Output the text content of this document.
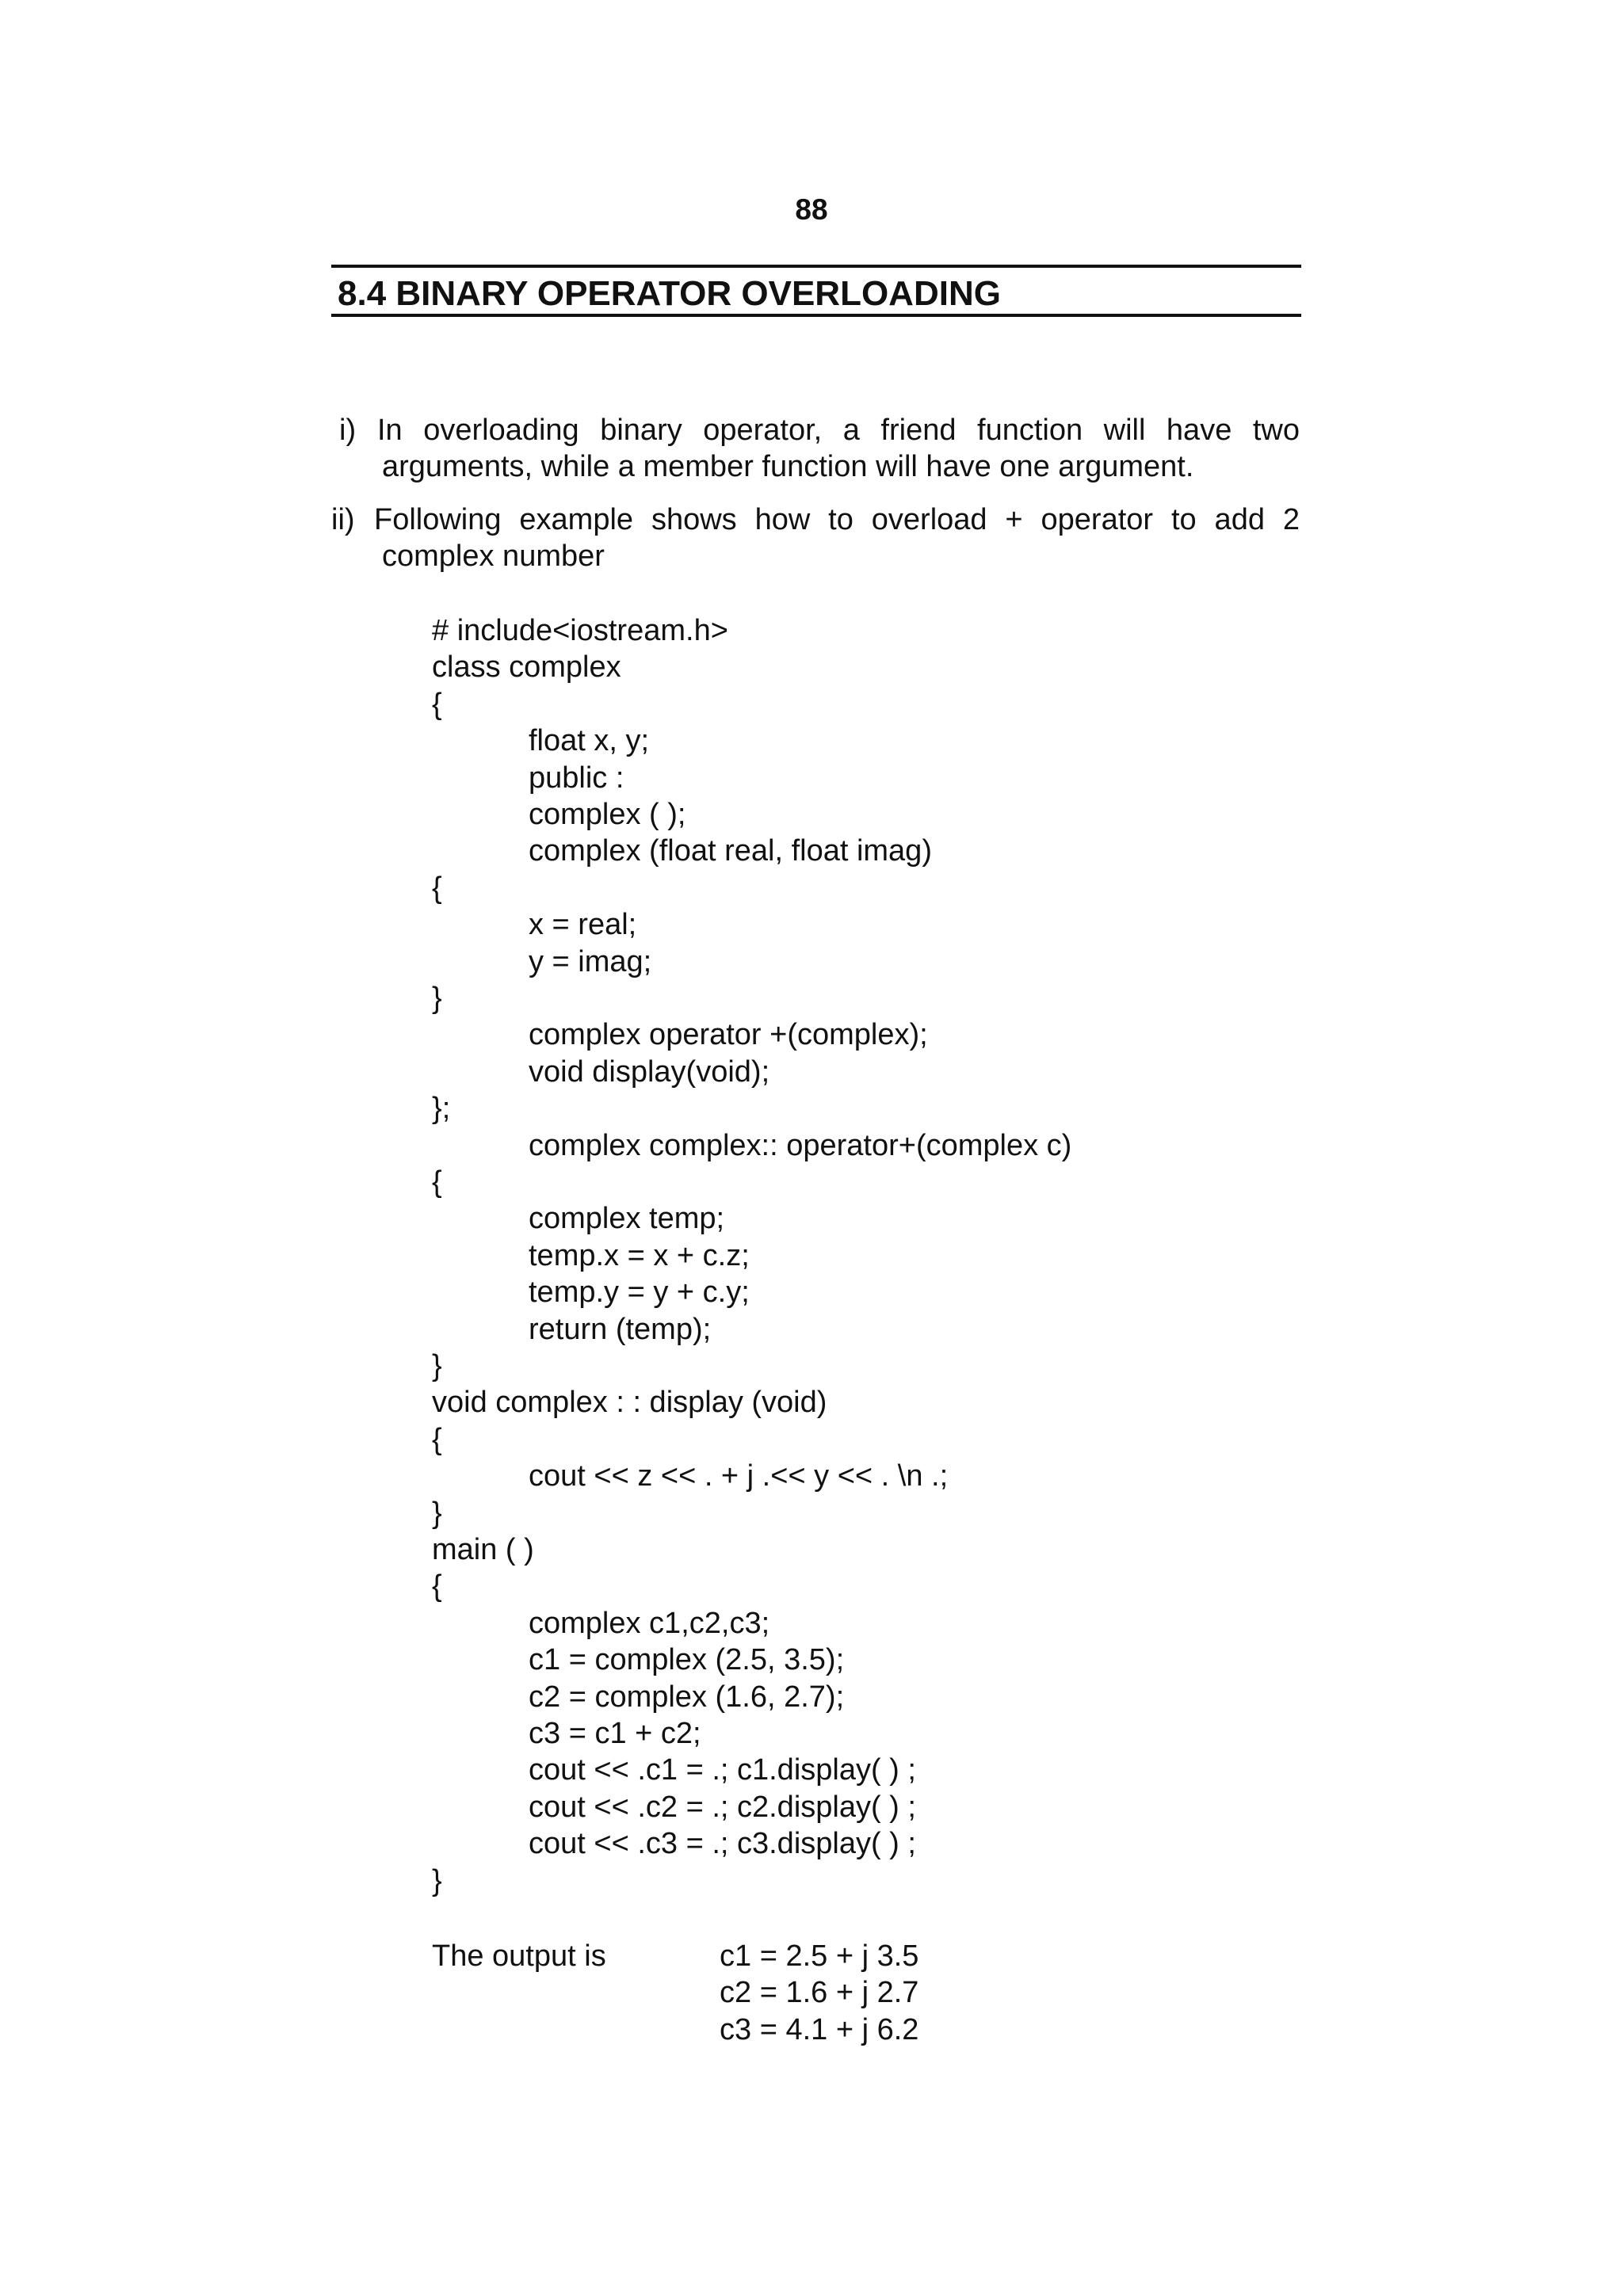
88
8.4 BINARY OPERATOR OVERLOADING
i) In overloading binary operator, a friend function will have two arguments, while a member function will have one argument.
ii) Following example shows how to overload + operator to add 2 complex number
# include<iostream.h>
class complex
{
float x, y;
public :
complex ( );
complex (float real, float imag)
{
x = real;
y = imag;
}
complex operator +(complex);
void display(void);
};
complex complex:: operator+(complex c)
{
complex temp;
temp.x = x + c.z;
temp.y = y + c.y;
return (temp);
}
void complex : : display (void)
{
cout << z << . + j .<< y << . \n .;
}
main ( )
{
complex c1,c2,c3;
c1 = complex (2.5, 3.5);
c2 = complex (1.6, 2.7);
c3 = c1 + c2;
cout << .c1 = .; c1.display( ) ;
cout << .c2 = .; c2.display( ) ;
cout << .c3 = .; c3.display( ) ;
}
The output is	c1 = 2.5 + j 3.5
c2 = 1.6 + j 2.7
c3 = 4.1 + j 6.2
